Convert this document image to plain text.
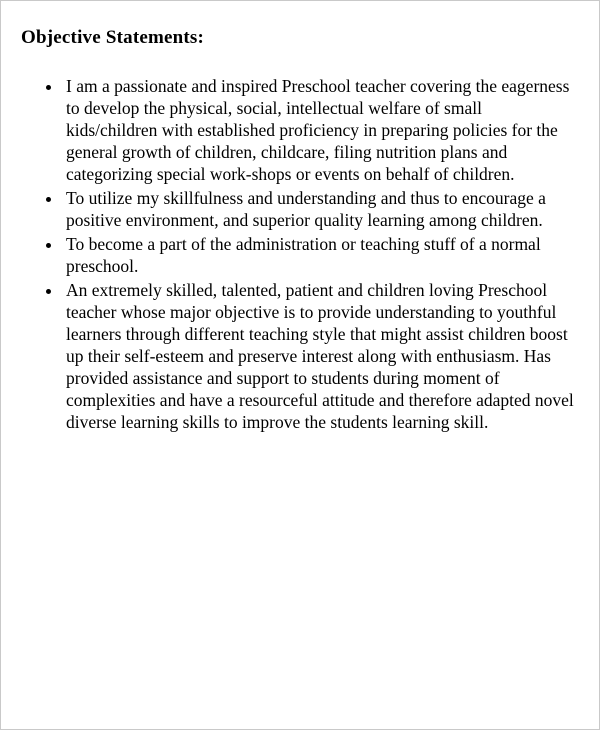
Objective Statements:
• I am a passionate and inspired Preschool teacher covering the eagerness to develop the physical, social, intellectual welfare of small kids/children with established proficiency in preparing policies for the general growth of children, childcare, filing nutrition plans and categorizing special work-shops or events on behalf of children.
• To utilize my skillfulness and understanding and thus to encourage a positive environment, and superior quality learning among children.
• To become a part of the administration or teaching stuff of a normal preschool.
• An extremely skilled, talented, patient and children loving Preschool teacher whose major objective is to provide understanding to youthful learners through different teaching style that might assist children boost up their self-esteem and preserve interest along with enthusiasm. Has provided assistance and support to students during moment of complexities and have a resourceful attitude and therefore adapted novel diverse learning skills to improve the students learning skill.
